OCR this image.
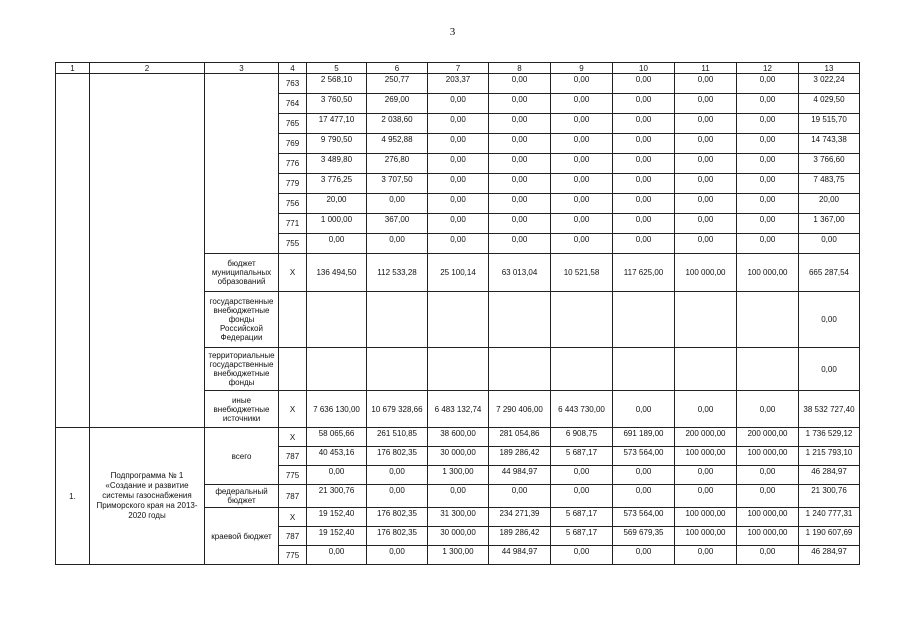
3
1	2	3	4	5	6	7	8	9	10	11	12	13
			763	2 568,10	250,77	203,37	0,00	0,00	0,00	0,00	0,00	3 022,24
			764	3 760,50	269,00	0,00	0,00	0,00	0,00	0,00	0,00	4 029,50
			765	17 477,10	2 038,60	0,00	0,00	0,00	0,00	0,00	0,00	19 515,70
			769	9 790,50	4 952,88	0,00	0,00	0,00	0,00	0,00	0,00	14 743,38
			776	3 489,80	276,80	0,00	0,00	0,00	0,00	0,00	0,00	3 766,60
			779	3 776,25	3 707,50	0,00	0,00	0,00	0,00	0,00	0,00	7 483,75
			756	20,00	0,00	0,00	0,00	0,00	0,00	0,00	0,00	20,00
			771	1 000,00	367,00	0,00	0,00	0,00	0,00	0,00	0,00	1 367,00
			755	0,00	0,00	0,00	0,00	0,00	0,00	0,00	0,00	0,00
		бюджет муниципальных образований	X	136 494,50	112 533,28	25 100,14	63 013,04	10 521,58	117 625,00	100 000,00	100 000,00	665 287,54
		государственные внебюджетные фонды Российской Федерации										0,00
		территориальные государственные внебюджетные фонды										0,00
		иные внебюджетные источники	X	7 636 130,00	10 679 328,66	6 483 132,74	7 290 406,00	6 443 730,00	0,00	0,00	0,00	38 532 727,40
1.	Подпрограмма № 1 «Создание и развитие системы газоснабжения Приморского края на 2013-2020 годы	всего	X	58 065,66	261 510,85	38 600,00	281 054,86	6 908,75	691 189,00	200 000,00	200 000,00	1 736 529,12
			787	40 453,16	176 802,35	30 000,00	189 286,42	5 687,17	573 564,00	100 000,00	100 000,00	1 215 793,10
			775	0,00	0,00	1 300,00	44 984,97	0,00	0,00	0,00	0,00	46 284,97
		федеральный бюджет	787	21 300,76	0,00	0,00	0,00	0,00	0,00	0,00	0,00	21 300,76
		краевой бюджет	X	19 152,40	176 802,35	31 300,00	234 271,39	5 687,17	573 564,00	100 000,00	100 000,00	1 240 777,31
			787	19 152,40	176 802,35	30 000,00	189 286,42	5 687,17	569 679,35	100 000,00	100 000,00	1 190 607,69
			775	0,00	0,00	1 300,00	44 984,97	0,00	0,00	0,00	0,00	46 284,97
